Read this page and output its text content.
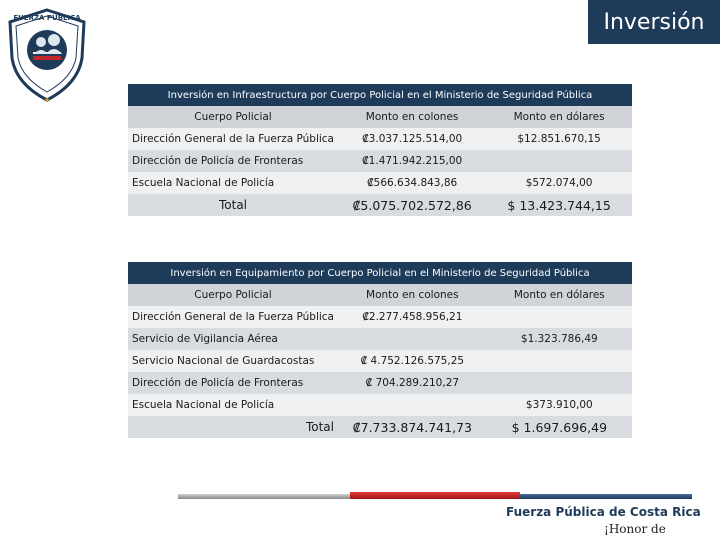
FUERZA PUBLICA
★
Inversión
Inversión en Infraestructura por Cuerpo Policial en el Ministerio de Seguridad Pública		
Cuerpo Policial	Monto en colones	Monto en dólares
Dirección General de la Fuerza Pública	₡3.037.125.514,00	$12.851.670,15
Dirección de Policía de Fronteras	₡1.471.942.215,00	
Escuela Nacional de Policía	₡566.634.843,86	$572.074,00
Total	₡5.075.702.572,86	$ 13.423.744,15
Inversión en Equipamiento por Cuerpo Policial en el Ministerio de Seguridad Pública		
Cuerpo Policial	Monto en colones	Monto en dólares
Dirección General de la Fuerza Pública	₡2.277.458.956,21	
Servicio de Vigilancia Aérea		$1.323.786,49
Servicio Nacional de Guardacostas	₡ 4.752.126.575,25	
Dirección de Policía de Fronteras	₡ 704.289.210,27	
Escuela Nacional de Policía		$373.910,00
Total	₡7.733.874.741,73	$ 1.697.696,49
Fuerza Pública de Costa Rica
¡Honor de
